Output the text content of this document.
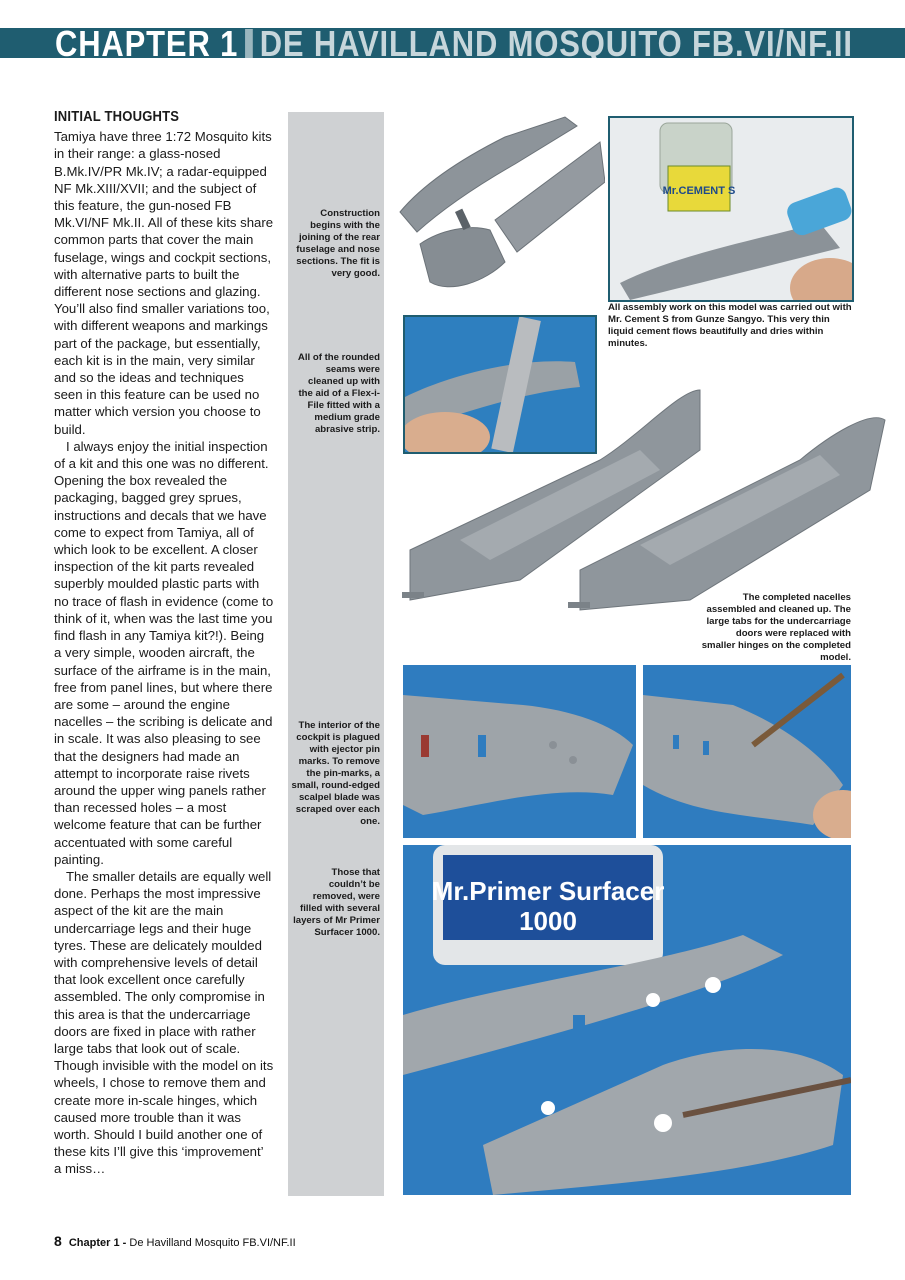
CHAPTER 1 DE HAVILLAND MOSQUITO FB.VI/NF.II
INITIAL THOUGHTS

Tamiya have three 1:72 Mosquito kits in their range: a glass-nosed B.Mk.IV/PR Mk.IV; a radar-equipped NF Mk.XIII/XVII; and the subject of this feature, the gun-nosed FB Mk.VI/NF Mk.II. All of these kits share common parts that cover the main fuselage, wings and cockpit sections, with alternative parts to built the different nose sections and glazing. You’ll also find smaller variations too, with different weapons and markings part of the package, but essentially, each kit is in the main, very similar and so the ideas and techniques seen in this feature can be used no matter which version you choose to build.

I always enjoy the initial inspection of a kit and this one was no different. Opening the box revealed the packaging, bagged grey sprues, instructions and decals that we have come to expect from Tamiya, all of which look to be excellent. A closer inspection of the kit parts revealed superbly moulded plastic parts with no trace of flash in evidence (come to think of it, when was the last time you find flash in any Tamiya kit?!). Being a very simple, wooden aircraft, the surface of the airframe is in the main, free from panel lines, but where there are some – around the engine nacelles – the scribing is delicate and in scale. It was also pleasing to see that the designers had made an attempt to incorporate raise rivets around the upper wing panels rather than recessed holes – a most welcome feature that can be further accentuated with some careful painting.

The smaller details are equally well done. Perhaps the most impressive aspect of the kit are the main undercarriage legs and their huge tyres. These are delicately moulded with comprehensive levels of detail that look excellent once carefully assembled. The only compromise in this area is that the undercarriage doors are fixed in place with rather large tabs that look out of scale. Though invisible with the model on its wheels, I chose to remove them and create more in-scale hinges, which caused more trouble than it was worth. Should I build another one of these kits I’ll give this ‘improvement’ a miss…

Construction begins with the joining of the rear fuselage and nose sections. The fit is very good.
All of the rounded seams were cleaned up with the aid of a Flex-i-File fitted with a medium grade abrasive strip.
The interior of the cockpit is plagued with ejector pin marks. To remove the pin-marks, a small, round-edged scalpel blade was scraped over each one.
Those that couldn’t be removed, were filled with several layers of Mr Primer Surfacer 1000.
All assembly work on this model was carried out with Mr. Cement S from Gunze Sangyo. This very thin liquid cement flows beautifully and dries within minutes.
The completed nacelles assembled and cleaned up. The large tabs for the undercarriage doors were replaced with smaller hinges on the completed model.
Mr.CEMENT S
Mr.Primer Surfacer
1000
8 Chapter 1 - De Havilland Mosquito FB.VI/NF.II
